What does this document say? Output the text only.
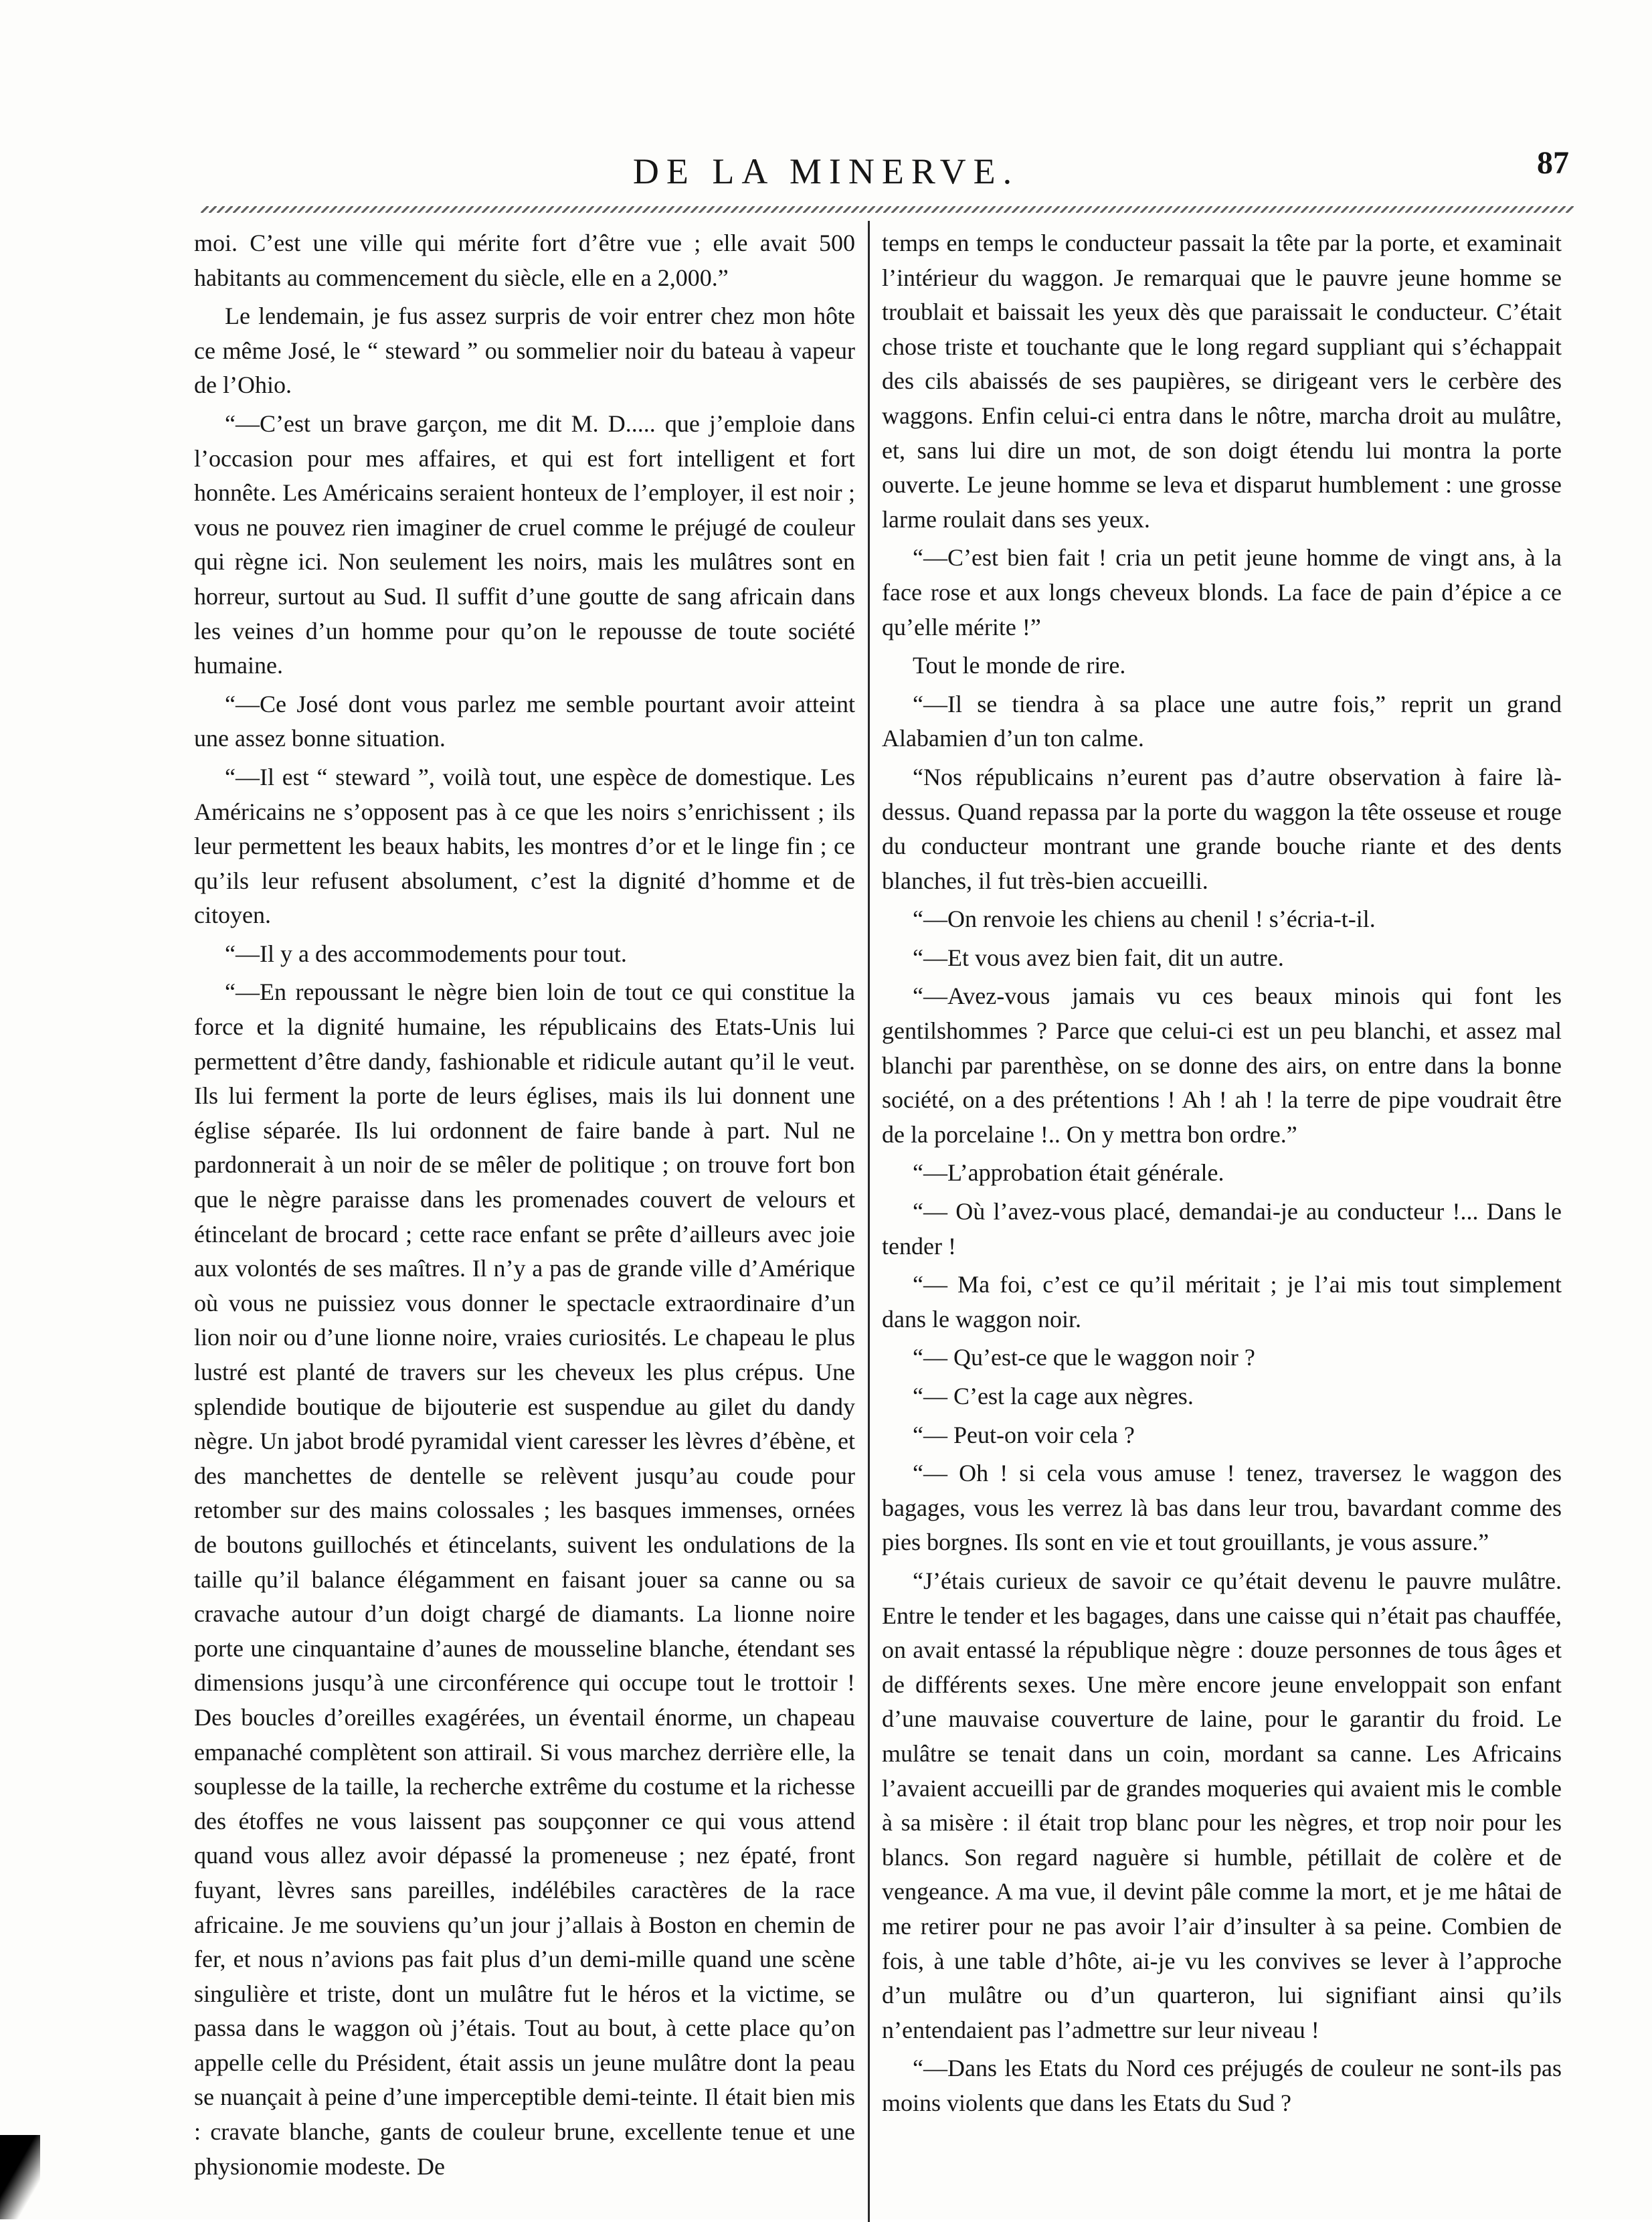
DE LA MINERVE.	87

moi. C’est une ville qui mérite fort d’être vue ; elle avait 500 habitants au commencement du siècle, elle en a 2,000.”

Le lendemain, je fus assez surpris de voir entrer chez mon hôte ce même José, le “ steward ” ou sommelier noir du bateau à vapeur de l’Ohio.

“—C’est un brave garçon, me dit M. D..... que j’emploie dans l’occasion pour mes affaires, et qui est fort intelligent et fort honnête. Les Américains seraient honteux de l’employer, il est noir ; vous ne pouvez rien imaginer de cruel comme le préjugé de couleur qui règne ici. Non seulement les noirs, mais les mulâtres sont en horreur, surtout au Sud. Il suffit d’une goutte de sang africain dans les veines d’un homme pour qu’on le repousse de toute société humaine.

“—Ce José dont vous parlez me semble pourtant avoir atteint une assez bonne situation.

“—Il est “ steward ”, voilà tout, une espèce de domestique. Les Américains ne s’opposent pas à ce que les noirs s’enrichissent ; ils leur permettent les beaux habits, les montres d’or et le linge fin ; ce qu’ils leur refusent absolument, c’est la dignité d’homme et de citoyen.

“—Il y a des accommodements pour tout.

“—En repoussant le nègre bien loin de tout ce qui constitue la force et la dignité humaine, les républicains des Etats-Unis lui permettent d’être dandy, fashionable et ridicule autant qu’il le veut. Ils lui ferment la porte de leurs églises, mais ils lui donnent une église séparée. Ils lui ordonnent de faire bande à part. Nul ne pardonnerait à un noir de se mêler de politique ; on trouve fort bon que le nègre paraisse dans les promenades couvert de velours et étincelant de brocard ; cette race enfant se prête d’ailleurs avec joie aux volontés de ses maîtres. Il n’y a pas de grande ville d’Amérique où vous ne puissiez vous donner le spectacle extraordinaire d’un lion noir ou d’une lionne noire, vraies curiosités. Le chapeau le plus lustré est planté de travers sur les cheveux les plus crépus. Une splendide boutique de bijouterie est suspendue au gilet du dandy nègre. Un jabot brodé pyramidal vient caresser les lèvres d’ébène, et des manchettes de dentelle se relèvent jusqu’au coude pour retomber sur des mains colossales ; les basques immenses, ornées de boutons guillochés et étincelants, suivent les ondulations de la taille qu’il balance élégamment en faisant jouer sa canne ou sa cravache autour d’un doigt chargé de diamants. La lionne noire porte une cinquantaine d’aunes de mousseline blanche, étendant ses dimensions jusqu’à une circonférence qui occupe tout le trottoir ! Des boucles d’oreilles exagérées, un éventail énorme, un chapeau empanaché complètent son attirail. Si vous marchez derrière elle, la souplesse de la taille, la recherche extrême du costume et la richesse des étoffes ne vous laissent pas soupçonner ce qui vous attend quand vous allez avoir dépassé la promeneuse ; nez épaté, front fuyant, lèvres sans pareilles, indélébiles caractères de la race africaine. Je me souviens qu’un jour j’allais à Boston en chemin de fer, et nous n’avions pas fait plus d’un demi-mille quand une scène singulière et triste, dont un mulâtre fut le héros et la victime, se passa dans le waggon où j’étais. Tout au bout, à cette place qu’on appelle celle du Président, était assis un jeune mulâtre dont la peau se nuançait à peine d’une imperceptible demi-teinte. Il était bien mis : cravate blanche, gants de couleur brune, excellente tenue et une physionomie modeste. De

temps en temps le conducteur passait la tête par la porte, et examinait l’intérieur du waggon. Je remarquai que le pauvre jeune homme se troublait et baissait les yeux dès que paraissait le conducteur. C’était chose triste et touchante que le long regard suppliant qui s’échappait des cils abaissés de ses paupières, se dirigeant vers le cerbère des waggons. Enfin celui-ci entra dans le nôtre, marcha droit au mulâtre, et, sans lui dire un mot, de son doigt étendu lui montra la porte ouverte. Le jeune homme se leva et disparut humblement : une grosse larme roulait dans ses yeux.

“—C’est bien fait ! cria un petit jeune homme de vingt ans, à la face rose et aux longs cheveux blonds. La face de pain d’épice a ce qu’elle mérite !”

Tout le monde de rire.

“—Il se tiendra à sa place une autre fois,” reprit un grand Alabamien d’un ton calme.

“Nos républicains n’eurent pas d’autre observation à faire là-dessus. Quand repassa par la porte du waggon la tête osseuse et rouge du conducteur montrant une grande bouche riante et des dents blanches, il fut très-bien accueilli.

“—On renvoie les chiens au chenil ! s’écria-t-il.

“—Et vous avez bien fait, dit un autre.

“—Avez-vous jamais vu ces beaux minois qui font les gentilshommes ? Parce que celui-ci est un peu blanchi, et assez mal blanchi par parenthèse, on se donne des airs, on entre dans la bonne société, on a des prétentions ! Ah ! ah ! la terre de pipe voudrait être de la porcelaine !.. On y mettra bon ordre.”

“—L’approbation était générale.

“— Où l’avez-vous placé, demandai-je au conducteur !... Dans le tender !

“— Ma foi, c’est ce qu’il méritait ; je l’ai mis tout simplement dans le waggon noir.

“— Qu’est-ce que le waggon noir ?

“— C’est la cage aux nègres.

“— Peut-on voir cela ?

“— Oh ! si cela vous amuse ! tenez, traversez le waggon des bagages, vous les verrez là bas dans leur trou, bavardant comme des pies borgnes. Ils sont en vie et tout grouillants, je vous assure.”

“J’étais curieux de savoir ce qu’était devenu le pauvre mulâtre. Entre le tender et les bagages, dans une caisse qui n’était pas chauffée, on avait entassé la république nègre : douze personnes de tous âges et de différents sexes. Une mère encore jeune enveloppait son enfant d’une mauvaise couverture de laine, pour le garantir du froid. Le mulâtre se tenait dans un coin, mordant sa canne. Les Africains l’avaient accueilli par de grandes moqueries qui avaient mis le comble à sa misère : il était trop blanc pour les nègres, et trop noir pour les blancs. Son regard naguère si humble, pétillait de colère et de vengeance. A ma vue, il devint pâle comme la mort, et je me hâtai de me retirer pour ne pas avoir l’air d’insulter à sa peine. Combien de fois, à une table d’hôte, ai-je vu les convives se lever à l’approche d’un mulâtre ou d’un quarteron, lui signifiant ainsi qu’ils n’entendaient pas l’admettre sur leur niveau !

“—Dans les Etats du Nord ces préjugés de couleur ne sont-ils pas moins violents que dans les Etats du Sud ?
